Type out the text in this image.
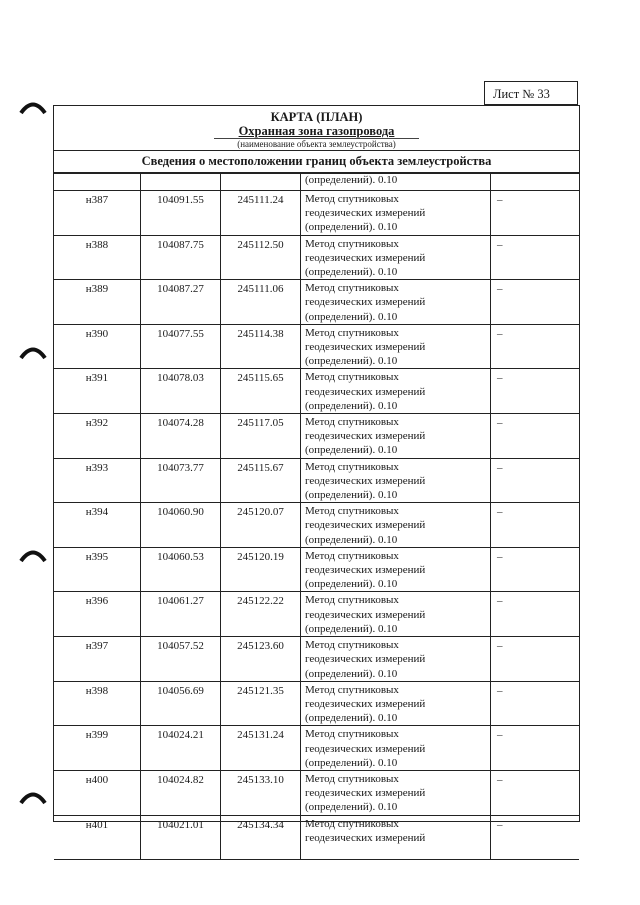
Лист № 33
КАРТА (ПЛАН)
Охранная зона газопровода
(наименование объекта землеустройства)
Сведения о местоположении границ объекта землеустройства
			(определений). 0.10	
н387	104091.55	245111.24	Метод спутниковых
геодезических измерений
(определений). 0.10	–
н388	104087.75	245112.50	Метод спутниковых
геодезических измерений
(определений). 0.10	–
н389	104087.27	245111.06	Метод спутниковых
геодезических измерений
(определений). 0.10	–
н390	104077.55	245114.38	Метод спутниковых
геодезических измерений
(определений). 0.10	–
н391	104078.03	245115.65	Метод спутниковых
геодезических измерений
(определений). 0.10	–
н392	104074.28	245117.05	Метод спутниковых
геодезических измерений
(определений). 0.10	–
н393	104073.77	245115.67	Метод спутниковых
геодезических измерений
(определений). 0.10	–
н394	104060.90	245120.07	Метод спутниковых
геодезических измерений
(определений). 0.10	–
н395	104060.53	245120.19	Метод спутниковых
геодезических измерений
(определений). 0.10	–
н396	104061.27	245122.22	Метод спутниковых
геодезических измерений
(определений). 0.10	–
н397	104057.52	245123.60	Метод спутниковых
геодезических измерений
(определений). 0.10	–
н398	104056.69	245121.35	Метод спутниковых
геодезических измерений
(определений). 0.10	–
н399	104024.21	245131.24	Метод спутниковых
геодезических измерений
(определений). 0.10	–
н400	104024.82	245133.10	Метод спутниковых
геодезических измерений
(определений). 0.10	–
н401	104021.01	245134.34	Метод спутниковых
геодезических измерений	–
